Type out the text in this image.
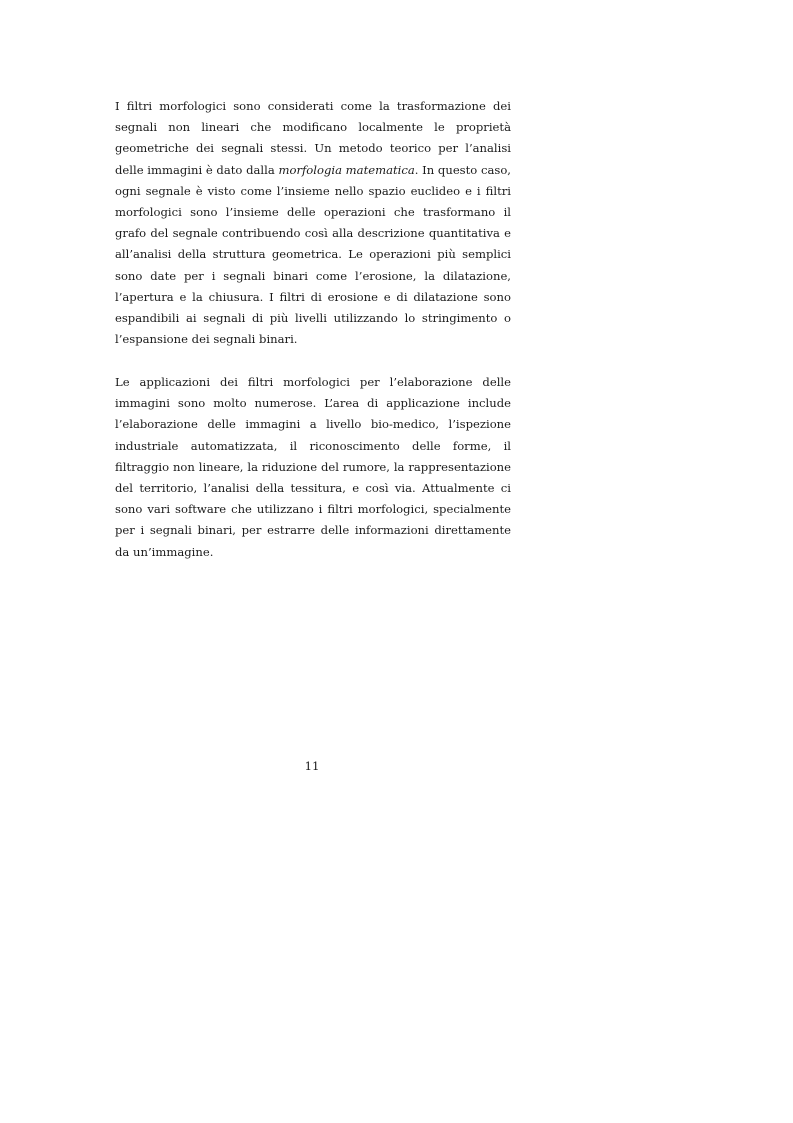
I filtri morfologici sono considerati come la trasformazione dei segnali non lineari che modificano localmente le proprietà geometriche dei segnali stessi. Un metodo teorico per l’analisi delle immagini è dato dalla morfologia matematica. In questo caso, ogni segnale è visto come l’insieme nello spazio euclideo e i filtri morfologici sono l’insieme delle operazioni che trasformano il grafo del segnale contribuendo così alla descrizione quantitativa e all’analisi della struttura geometrica. Le operazioni più semplici sono date per i segnali binari come l’erosione, la dilatazione, l’apertura e la chiusura. I filtri di erosione e di dilatazione sono espandibili ai segnali di più livelli utilizzando lo stringimento o l’espansione dei segnali binari.

Le applicazioni dei filtri morfologici per l’elaborazione delle immagini sono molto numerose. L’area di applicazione include l’elaborazione delle immagini a livello bio-medico, l’ispezione industriale automatizzata, il riconoscimento delle forme, il filtraggio non lineare, la riduzione del rumore, la rappresentazione del territorio, l’analisi della tessitura, e così via. Attualmente ci sono vari software che utilizzano i filtri morfologici, specialmente per i segnali binari, per estrarre delle informazioni direttamente da un’immagine.

11
